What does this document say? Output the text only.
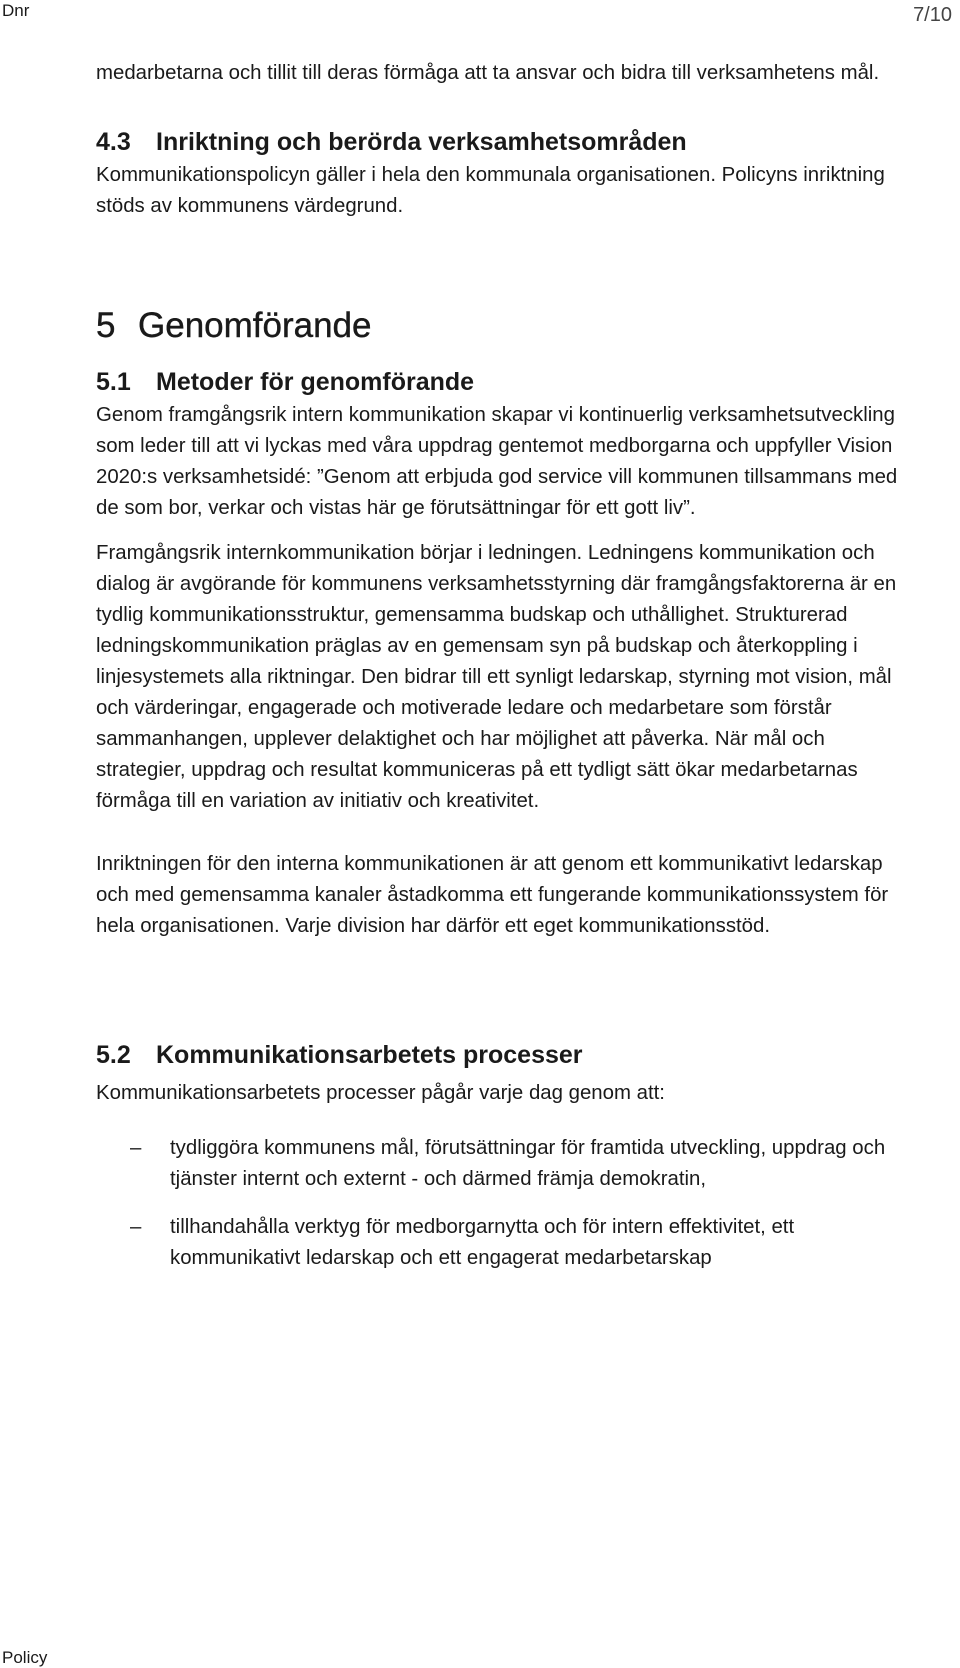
Dnr	7/10

medarbetarna och tillit till deras förmåga att ta ansvar och bidra till verksamhetens mål.

4.3 Inriktning och berörda verksamhetsområden

Kommunikationspolicyn gäller i hela den kommunala organisationen. Policyns inriktning stöds av kommunens värdegrund.

5 Genomförande
5.1 Metoder för genomförande

Genom framgångsrik intern kommunikation skapar vi kontinuerlig verksamhetsutveckling som leder till att vi lyckas med våra uppdrag gentemot medborgarna och uppfyller Vision 2020:s verksamhetsidé: ”Genom att erbjuda god service vill kommunen tillsammans med de som bor, verkar och vistas här ge förutsättningar för ett gott liv”.

Framgångsrik internkommunikation börjar i ledningen. Ledningens kommunikation och dialog är avgörande för kommunens verksamhetsstyrning där framgångsfaktorerna är en tydlig kommunikationsstruktur, gemensamma budskap och uthållighet. Strukturerad ledningskommunikation präglas av en gemensam syn på budskap och återkoppling i linjesystemets alla riktningar. Den bidrar till ett synligt ledarskap, styrning mot vision, mål och värderingar, engagerade och motiverade ledare och medarbetare som förstår sammanhangen, upplever delaktighet och har möjlighet att påverka. När mål och strategier, uppdrag och resultat kommuniceras på ett tydligt sätt ökar medarbetarnas förmåga till en variation av initiativ och kreativitet.

Inriktningen för den interna kommunikationen är att genom ett kommunikativt ledarskap och med gemensamma kanaler åstadkomma ett fungerande kommunikationssystem för hela organisationen. Varje division har därför ett eget kommunikationsstöd.

5.2 Kommunikationsarbetets processer

Kommunikationsarbetets processer pågår varje dag genom att:

– tydliggöra kommunens mål, förutsättningar för framtida utveckling, uppdrag och tjänster internt och externt - och därmed främja demokratin,
– tillhandahålla verktyg för medborgarnytta och för intern effektivitet, ett kommunikativt ledarskap och ett engagerat medarbetarskap
Policy
